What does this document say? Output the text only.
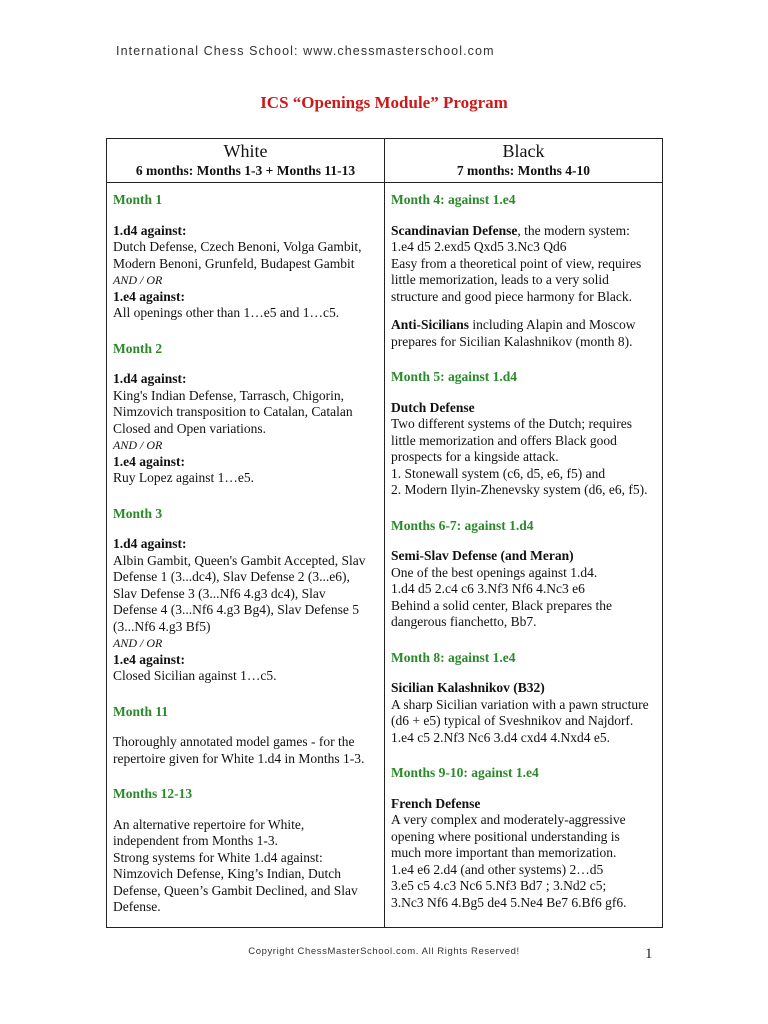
International Chess School: www.chessmasterschool.com
ICS “Openings Module” Program
White
6 months: Months 1-3 + Months 11-13
Black
7 months: Months 4-10
Month 1
1.d4 against:
Dutch Defense, Czech Benoni, Volga Gambit,
Modern Benoni, Grunfeld, Budapest Gambit
AND / OR
1.e4 against:
All openings other than 1…e5 and 1…c5.
Month 2
1.d4 against:
King's Indian Defense, Tarrasch, Chigorin,
Nimzovich transposition to Catalan, Catalan
Closed and Open variations.
AND / OR
1.e4 against:
Ruy Lopez against 1…e5.
Month 3
1.d4 against:
Albin Gambit, Queen's Gambit Accepted, Slav
Defense 1 (3...dc4), Slav Defense 2 (3...e6),
Slav Defense 3 (3...Nf6 4.g3 dc4), Slav
Defense 4 (3...Nf6 4.g3 Bg4), Slav Defense 5
(3...Nf6 4.g3 Bf5)
AND / OR
1.e4 against:
Closed Sicilian against 1…c5.
Month 11
Thoroughly annotated model games - for the
repertoire given for White 1.d4 in Months 1-3.
Months 12-13
An alternative repertoire for White,
independent from Months 1-3.
Strong systems for White 1.d4 against:
Nimzovich Defense, King’s Indian, Dutch
Defense, Queen’s Gambit Declined, and Slav
Defense.
Month 4: against 1.e4
Scandinavian Defense, the modern system:
1.e4 d5 2.exd5 Qxd5 3.Nc3 Qd6
Easy from a theoretical point of view, requires
little memorization, leads to a very solid
structure and good piece harmony for Black.
Anti-Sicilians including Alapin and Moscow
prepares for Sicilian Kalashnikov (month 8).
Month 5: against 1.d4
Dutch Defense
Two different systems of the Dutch; requires
little memorization and offers Black good
prospects for a kingside attack.
1. Stonewall system (c6, d5, e6, f5) and
2. Modern Ilyin-Zhenevsky system (d6, e6, f5).
Months 6-7: against 1.d4
Semi-Slav Defense (and Meran)
One of the best openings against 1.d4.
1.d4 d5 2.c4 c6 3.Nf3 Nf6 4.Nc3 e6
Behind a solid center, Black prepares the
dangerous fianchetto, Bb7.
Month 8: against 1.e4
Sicilian Kalashnikov (B32)
A sharp Sicilian variation with a pawn structure
(d6 + e5) typical of Sveshnikov and Najdorf.
1.e4 c5 2.Nf3 Nc6 3.d4 cxd4 4.Nxd4 e5.
Months 9-10: against 1.e4
French Defense
A very complex and moderately-aggressive
opening where positional understanding is
much more important than memorization.
1.e4 e6 2.d4 (and other systems) 2…d5
3.e5 c5 4.c3 Nc6 5.Nf3 Bd7 ; 3.Nd2 c5;
3.Nc3 Nf6 4.Bg5 de4 5.Ne4 Be7 6.Bf6 gf6.
Copyright ChessMasterSchool.com. All Rights Reserved!	1
